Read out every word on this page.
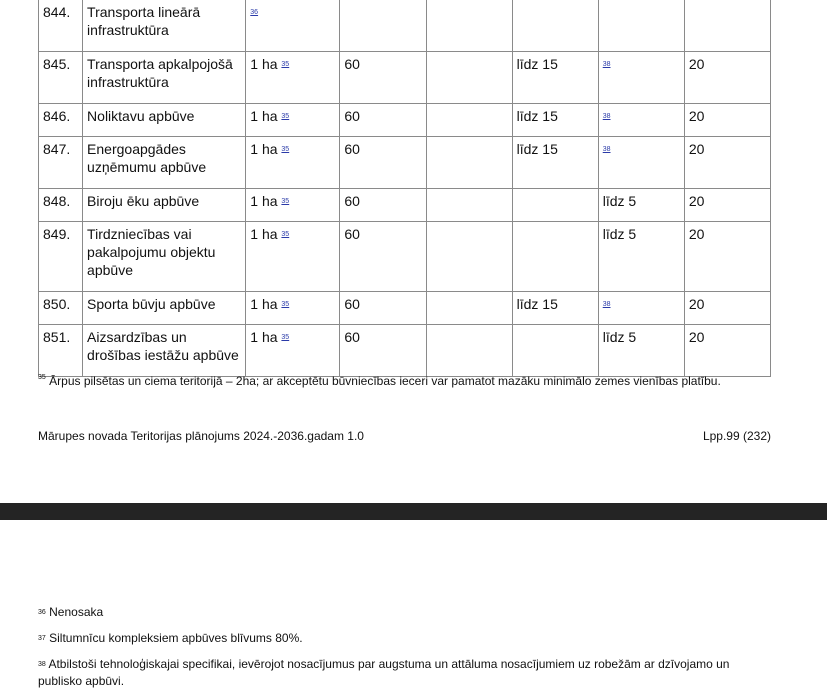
844.	Transporta lineārā infrastruktūra	$^{36}$					
845.	Transporta apkalpojošā infrastruktūra	1 ha $^{35}$	60		līdz 15	$^{38}$	20
846.	Noliktavu apbūve	1 ha $^{35}$	60		līdz 15	$^{38}$	20
847.	Energoapgādes uzņēmumu apbūve	1 ha $^{35}$	60		līdz 15	$^{38}$	20
848.	Biroju ēku apbūve	1 ha $^{35}$	60			līdz 5	20
849.	Tirdzniecības vai pakalpojumu objektu apbūve	1 ha $^{35}$	60			līdz 5	20
850.	Sporta būvju apbūve	1 ha $^{35}$	60		līdz 15	$^{38}$	20
851.	Aizsardzības un drošības iestāžu apbūve	1 ha $^{35}$	60			līdz 5	20
$^{35}$ Ārpus pilsētas un ciema teritorijā – 2ha; ar akceptētu būvniecības ieceri var pamatot mazāku minimālo zemes vienības platību.
Mārupes novada Teritorijas plānojums 2024.-2036.gadam 1.0	Lpp.99 (232)

$^{36}$ Nenosaka

$^{37}$ Siltumnīcu kompleksiem apbūves blīvums 80%.

$^{38}$ Atbilstoši tehnoloģiskajai specifikai, ievērojot nosacījumus par augstuma un attāluma nosacījumiem uz robežām ar dzīvojamo un publisko apbūvi.
